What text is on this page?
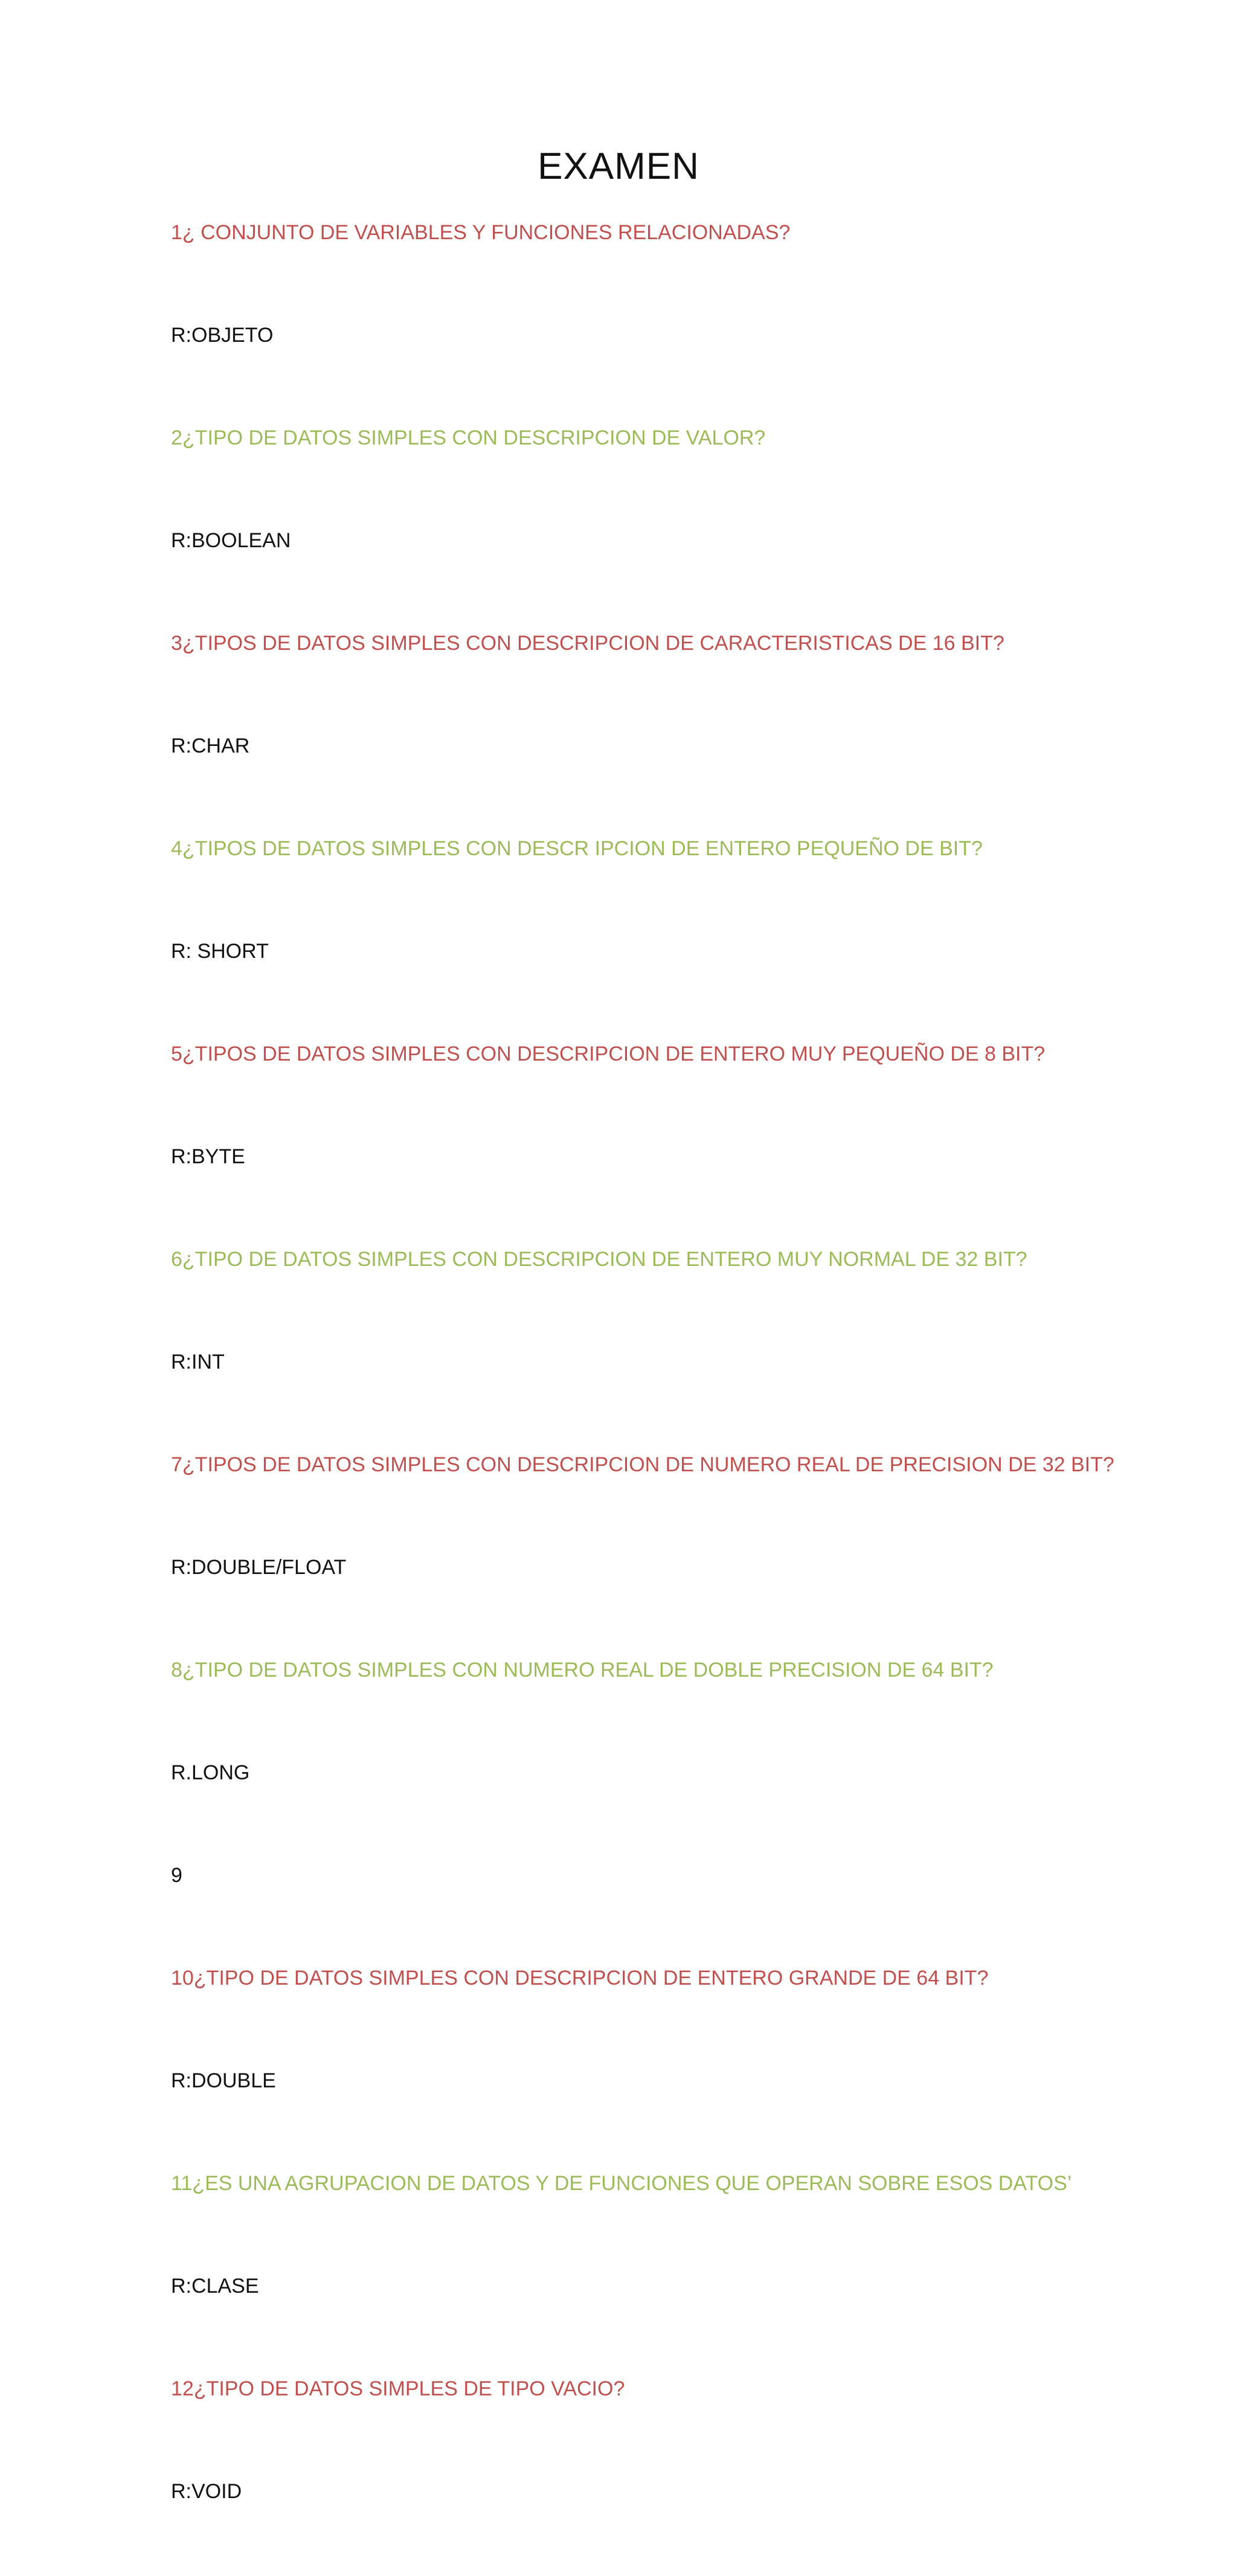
EXAMEN
1¿ CONJUNTO DE VARIABLES Y FUNCIONES RELACIONADAS?
R:OBJETO
2¿TIPO DE DATOS SIMPLES CON DESCRIPCION DE VALOR?
R:BOOLEAN
3¿TIPOS DE DATOS SIMPLES CON DESCRIPCION DE CARACTERISTICAS DE 16 BIT?
R:CHAR
4¿TIPOS DE DATOS SIMPLES CON DESCR IPCION DE ENTERO PEQUEÑO DE BIT?
R: SHORT
5¿TIPOS DE DATOS SIMPLES CON DESCRIPCION DE ENTERO MUY PEQUEÑO DE 8 BIT?
R:BYTE
6¿TIPO DE DATOS SIMPLES CON DESCRIPCION DE ENTERO MUY NORMAL DE 32 BIT?
R:INT
7¿TIPOS DE DATOS SIMPLES CON DESCRIPCION DE NUMERO REAL DE PRECISION DE 32 BIT?
R:DOUBLE/FLOAT
8¿TIPO DE DATOS SIMPLES CON NUMERO REAL DE DOBLE PRECISION DE 64 BIT?
R.LONG
9
10¿TIPO DE DATOS SIMPLES CON DESCRIPCION DE ENTERO GRANDE DE 64 BIT?
R:DOUBLE
11¿ES UNA AGRUPACION DE DATOS Y DE FUNCIONES QUE OPERAN SOBRE ESOS DATOS’
R:CLASE
12¿TIPO DE DATOS SIMPLES DE TIPO VACIO?
R:VOID
